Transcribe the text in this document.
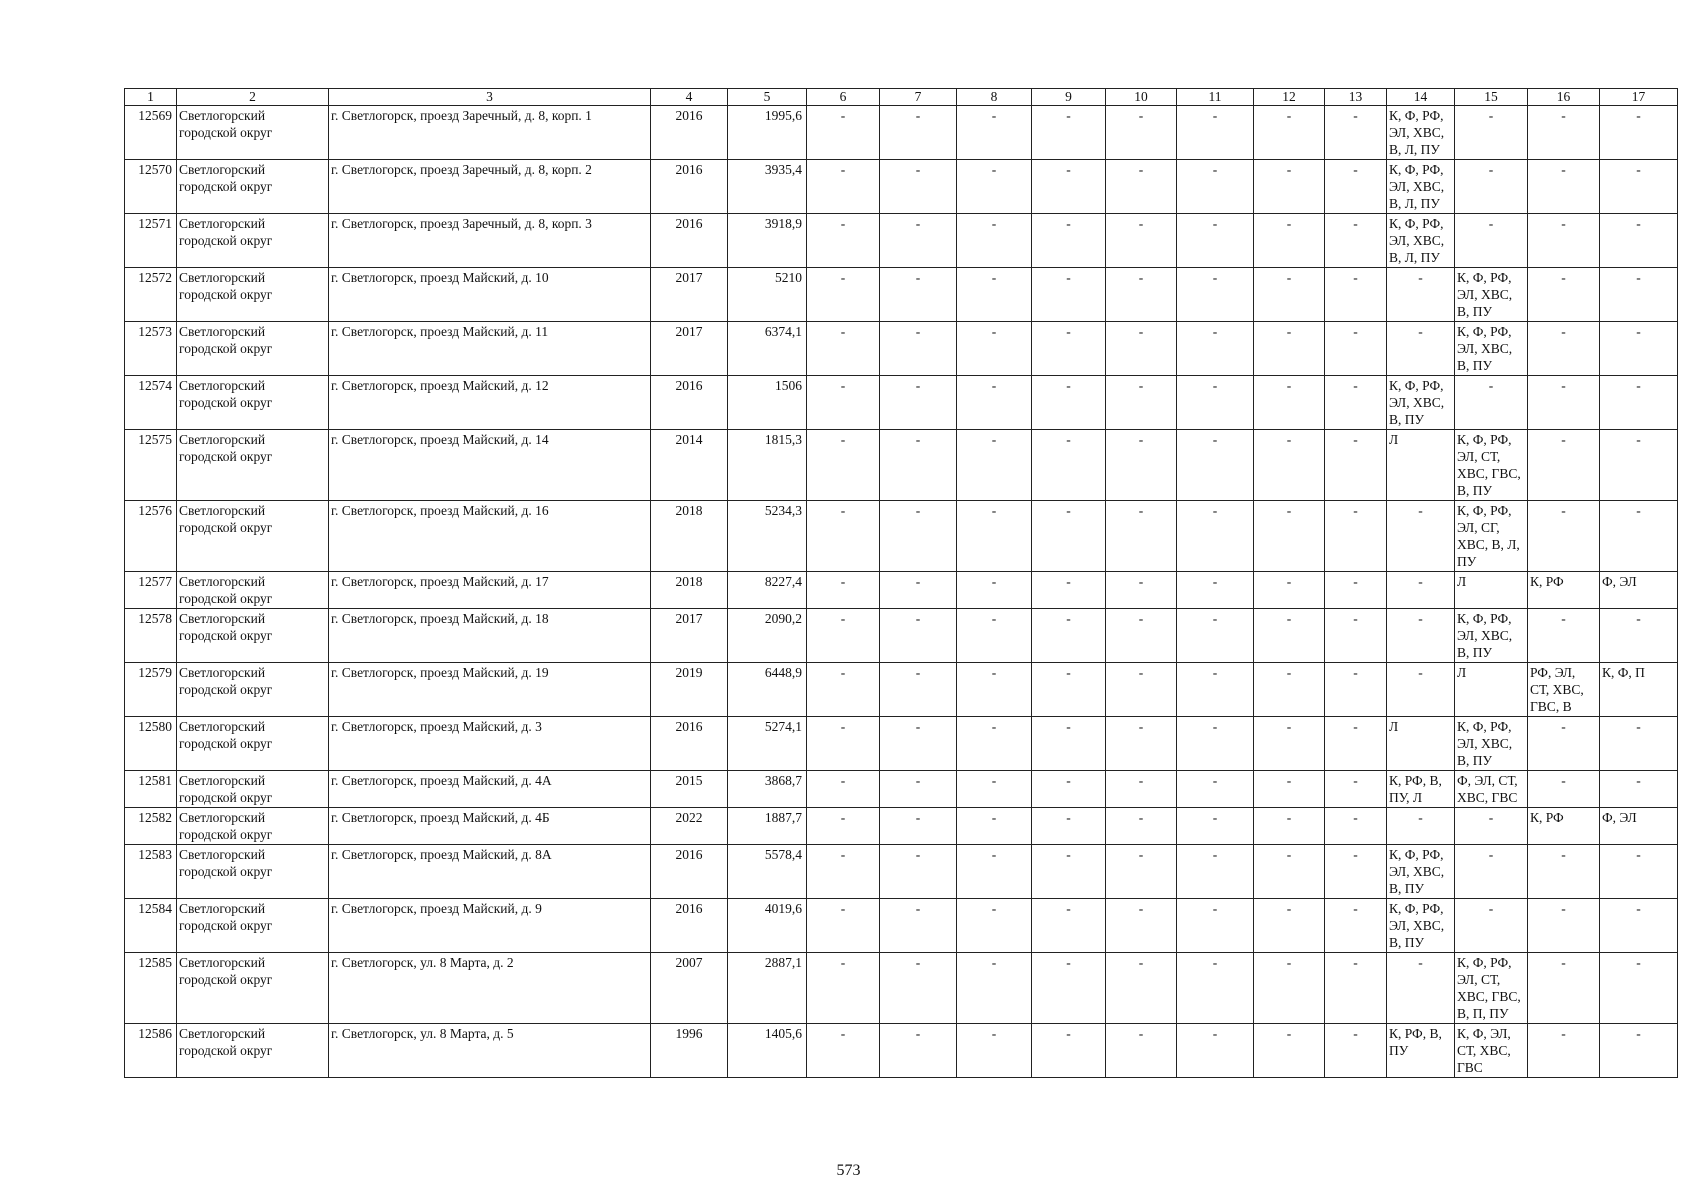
1	2	3	4	5	6	7	8	9	10	11	12	13	14	15	16	17
12569	Светлогорский городской округ	г. Светлогорск, проезд Заречный, д. 8, корп. 1	2016	1995,6	-	-	-	-	-	-	-	-	К, Ф, РФ, ЭЛ, ХВС, В, Л, ПУ	-	-	-
12570	Светлогорский городской округ	г. Светлогорск, проезд Заречный, д. 8, корп. 2	2016	3935,4	-	-	-	-	-	-	-	-	К, Ф, РФ, ЭЛ, ХВС, В, Л, ПУ	-	-	-
12571	Светлогорский городской округ	г. Светлогорск, проезд Заречный, д. 8, корп. 3	2016	3918,9	-	-	-	-	-	-	-	-	К, Ф, РФ, ЭЛ, ХВС, В, Л, ПУ	-	-	-
12572	Светлогорский городской округ	г. Светлогорск, проезд Майский, д. 10	2017	5210	-	-	-	-	-	-	-	-	-	К, Ф, РФ, ЭЛ, ХВС, В, ПУ	-	-
12573	Светлогорский городской округ	г. Светлогорск, проезд Майский, д. 11	2017	6374,1	-	-	-	-	-	-	-	-	-	К, Ф, РФ, ЭЛ, ХВС, В, ПУ	-	-
12574	Светлогорский городской округ	г. Светлогорск, проезд Майский, д. 12	2016	1506	-	-	-	-	-	-	-	-	К, Ф, РФ, ЭЛ, ХВС, В, ПУ	-	-	-
12575	Светлогорский городской округ	г. Светлогорск, проезд Майский, д. 14	2014	1815,3	-	-	-	-	-	-	-	-	Л	К, Ф, РФ, ЭЛ, СТ, ХВС, ГВС, В, ПУ	-	-
12576	Светлогорский городской округ	г. Светлогорск, проезд Майский, д. 16	2018	5234,3	-	-	-	-	-	-	-	-	-	К, Ф, РФ, ЭЛ, СГ, ХВС, В, Л, ПУ	-	-
12577	Светлогорский городской округ	г. Светлогорск, проезд Майский, д. 17	2018	8227,4	-	-	-	-	-	-	-	-	-	Л	К, РФ	Ф, ЭЛ
12578	Светлогорский городской округ	г. Светлогорск, проезд Майский, д. 18	2017	2090,2	-	-	-	-	-	-	-	-	-	К, Ф, РФ, ЭЛ, ХВС, В, ПУ	-	-
12579	Светлогорский городской округ	г. Светлогорск, проезд Майский, д. 19	2019	6448,9	-	-	-	-	-	-	-	-	-	Л	РФ, ЭЛ, СТ, ХВС, ГВС, В	К, Ф, П
12580	Светлогорский городской округ	г. Светлогорск, проезд Майский, д. 3	2016	5274,1	-	-	-	-	-	-	-	-	Л	К, Ф, РФ, ЭЛ, ХВС, В, ПУ	-	-
12581	Светлогорский городской округ	г. Светлогорск, проезд Майский, д. 4А	2015	3868,7	-	-	-	-	-	-	-	-	К, РФ, В, ПУ, Л	Ф, ЭЛ, СТ, ХВС, ГВС	-	-
12582	Светлогорский городской округ	г. Светлогорск, проезд Майский, д. 4Б	2022	1887,7	-	-	-	-	-	-	-	-	-	-	К, РФ	Ф, ЭЛ
12583	Светлогорский городской округ	г. Светлогорск, проезд Майский, д. 8А	2016	5578,4	-	-	-	-	-	-	-	-	К, Ф, РФ, ЭЛ, ХВС, В, ПУ	-	-	-
12584	Светлогорский городской округ	г. Светлогорск, проезд Майский, д. 9	2016	4019,6	-	-	-	-	-	-	-	-	К, Ф, РФ, ЭЛ, ХВС, В, ПУ	-	-	-
12585	Светлогорский городской округ	г. Светлогорск, ул. 8 Марта, д. 2	2007	2887,1	-	-	-	-	-	-	-	-	-	К, Ф, РФ, ЭЛ, СТ, ХВС, ГВС, В, П, ПУ	-	-
12586	Светлогорский городской округ	г. Светлогорск, ул. 8 Марта, д. 5	1996	1405,6	-	-	-	-	-	-	-	-	К, РФ, В, ПУ	К, Ф, ЭЛ, СТ, ХВС, ГВС	-	-
573
